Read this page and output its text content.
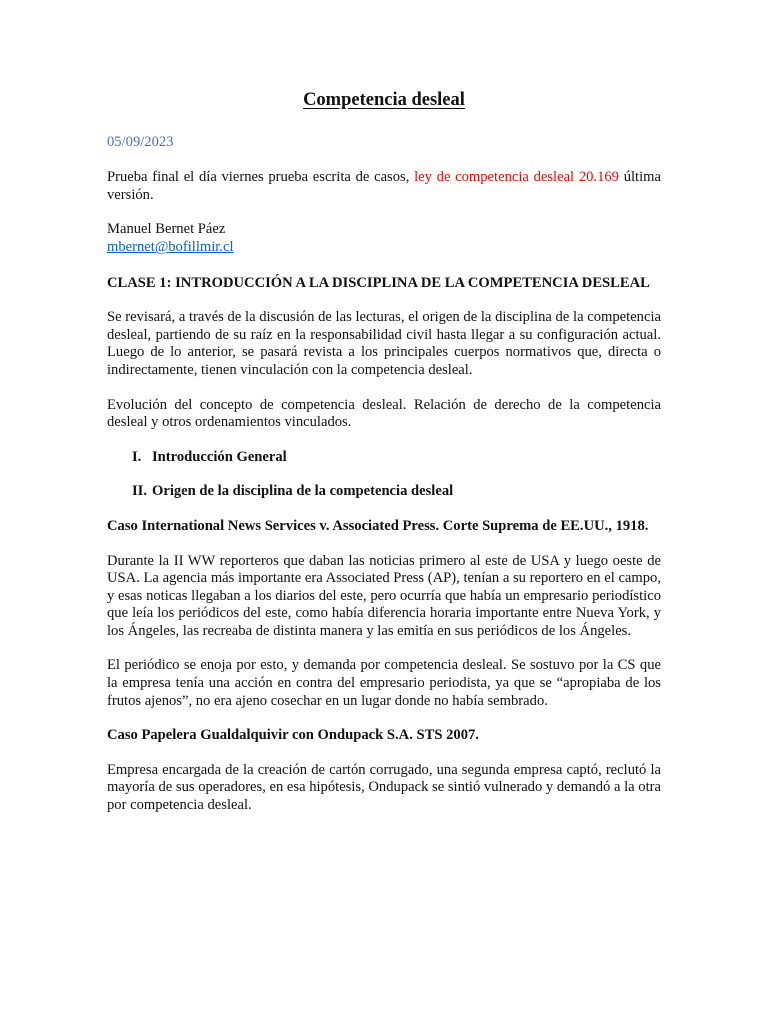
Competencia desleal

05/09/2023

Prueba final el día viernes prueba escrita de casos, ley de competencia desleal 20.169 última versión.

Manuel Bernet Páez

mbernet@bofillmir.cl

CLASE 1: INTRODUCCIÓN A LA DISCIPLINA DE LA COMPETENCIA DESLEAL

Se revisará, a través de la discusión de las lecturas, el origen de la disciplina de la competencia desleal, partiendo de su raíz en la responsabilidad civil hasta llegar a su configuración actual. Luego de lo anterior, se pasará revista a los principales cuerpos normativos que, directa o indirectamente, tienen vinculación con la competencia desleal.

Evolución del concepto de competencia desleal. Relación de derecho de la competencia desleal y otros ordenamientos vinculados.

I. Introducción General
II. Origen de la disciplina de la competencia desleal

Caso International News Services v. Associated Press. Corte Suprema de EE.UU., 1918.

Durante la II WW reporteros que daban las noticias primero al este de USA y luego oeste de USA. La agencia más importante era Associated Press (AP), tenían a su reportero en el campo, y esas noticas llegaban a los diarios del este, pero ocurría que había un empresario periodístico que leía los periódicos del este, como había diferencia horaria importante entre Nueva York, y los Ángeles, las recreaba de distinta manera y las emitía en sus periódicos de los Ángeles.

El periódico se enoja por esto, y demanda por competencia desleal. Se sostuvo por la CS que la empresa tenía una acción en contra del empresario periodista, ya que se “apropiaba de los frutos ajenos”, no era ajeno cosechar en un lugar donde no había sembrado.

Caso Papelera Gualdalquivir con Ondupack S.A. STS 2007.

Empresa encargada de la creación de cartón corrugado, una segunda empresa captó, reclutó la mayoría de sus operadores, en esa hipótesis, Ondupack se sintió vulnerado y demandó a la otra por competencia desleal.
